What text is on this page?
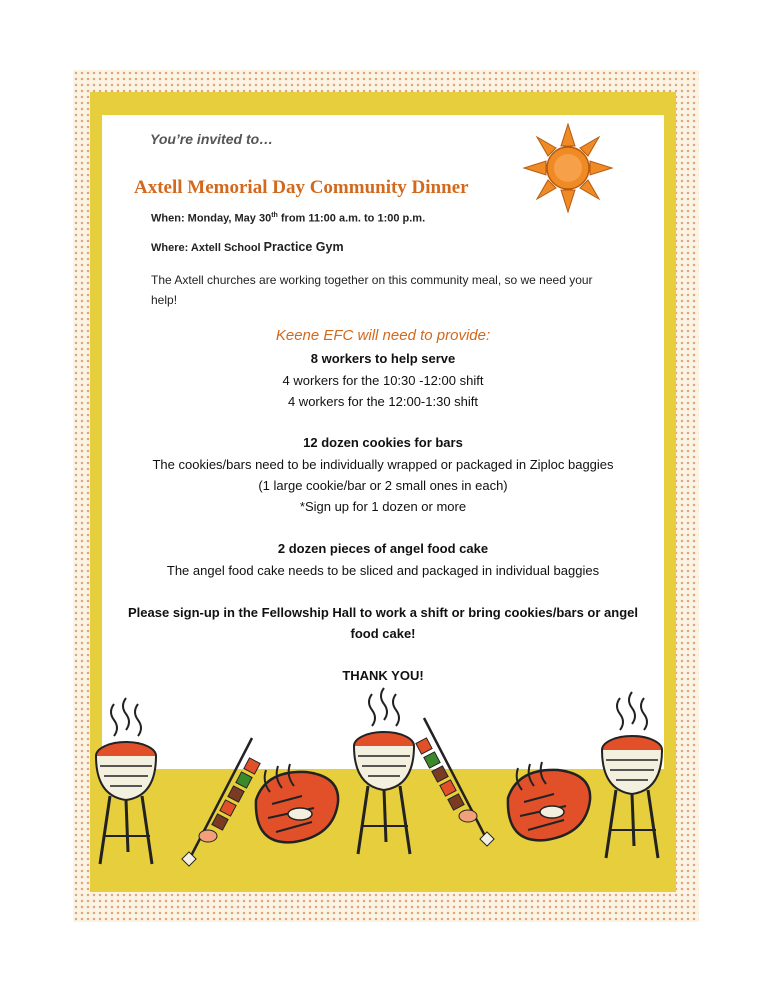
You’re invited to…
Axtell Memorial Day Community Dinner
When: Monday, May 30th from 11:00 a.m. to 1:00 p.m.
Where: Axtell School Practice Gym
The Axtell churches are working together on this community meal, so we need your help!
Keene EFC will need to provide:
8 workers to help serve
4 workers for the 10:30 -12:00 shift
4 workers for the 12:00-1:30 shift
12 dozen cookies for bars
The cookies/bars need to be individually wrapped or packaged in Ziploc baggies
(1 large cookie/bar or 2 small ones in each)
*Sign up for 1 dozen or more
2 dozen pieces of angel food cake
The angel food cake needs to be sliced and packaged in individual baggies
Please sign-up in the Fellowship Hall to work a shift or bring cookies/bars or angel
food cake!
THANK YOU!
